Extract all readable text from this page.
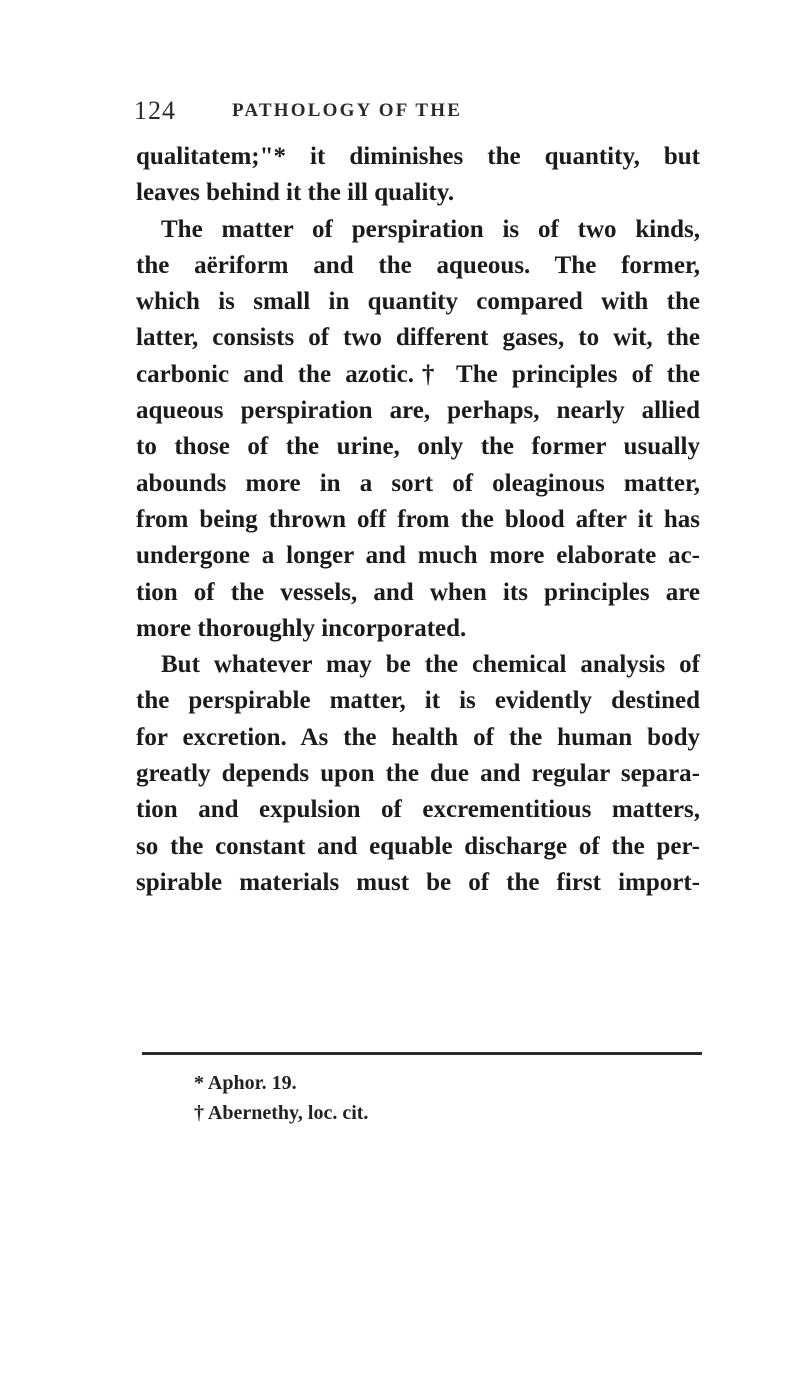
124	PATHOLOGY OF THE
qualitatem;"* it diminishes the quantity, but
leaves behind it the ill quality.
The matter of perspiration is of two kinds,
the aëriform and the aqueous. The former,
which is small in quantity compared with the
latter, consists of two different gases, to wit, the
carbonic and the azotic.† The principles of the
aqueous perspiration are, perhaps, nearly allied
to those of the urine, only the former usually
abounds more in a sort of oleaginous matter,
from being thrown off from the blood after it has
undergone a longer and much more elaborate ac-
tion of the vessels, and when its principles are
more thoroughly incorporated.
But whatever may be the chemical analysis of
the perspirable matter, it is evidently destined
for excretion. As the health of the human body
greatly depends upon the due and regular separa-
tion and expulsion of excrementitious matters,
so the constant and equable discharge of the per-
spirable materials must be of the first import-
* Aphor. 19.
† Abernethy, loc. cit.
